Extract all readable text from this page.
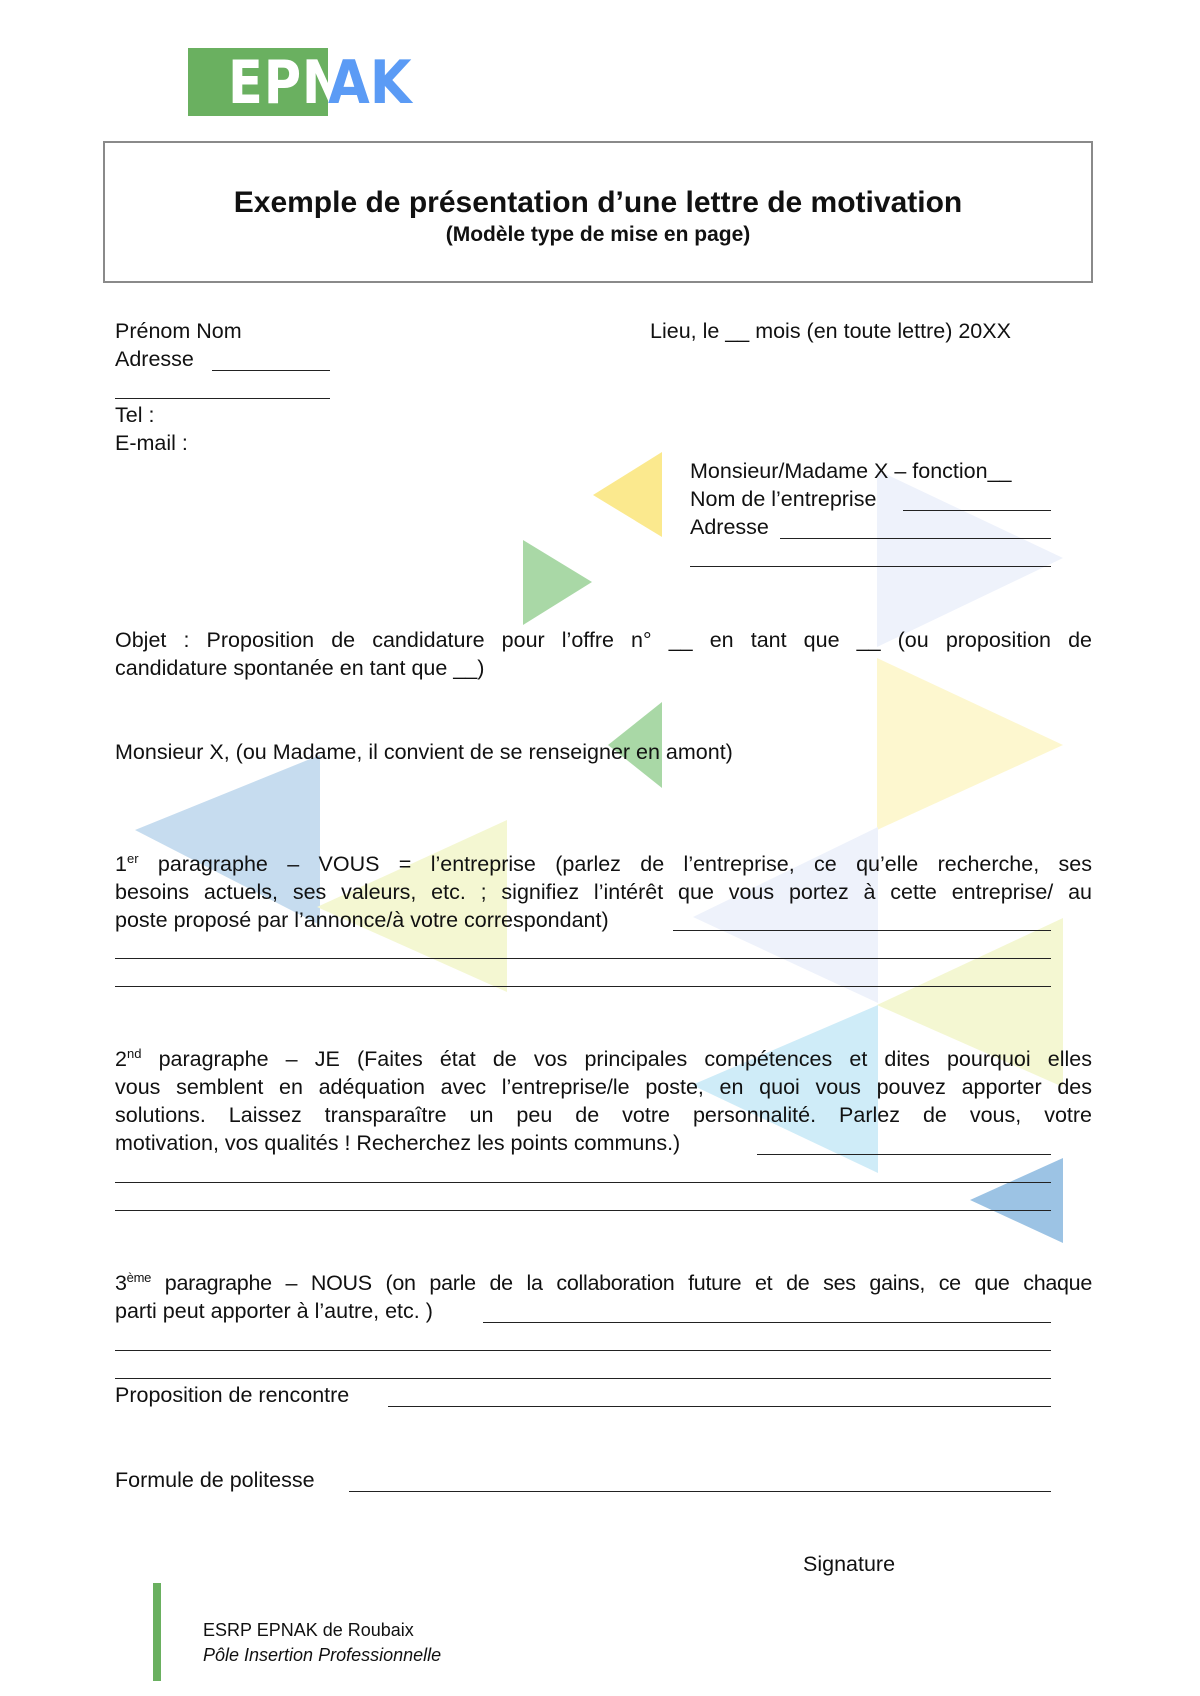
EPN
AK
Exemple de présentation d’une lettre de motivation
(Modèle type de mise en page)
Prénom Nom
Adresse
Tel :
E-mail :
Lieu, le __ mois (en toute lettre) 20XX
Monsieur/Madame X – fonction__
Nom de l’entreprise
Adresse
Objet : Proposition de candidature pour l’offre n° __ en tant que __ (ou proposition de
candidature spontanée en tant que __)
Monsieur X, (ou Madame, il convient de se renseigner en amont)
1er paragraphe – VOUS = l’entreprise (parlez de l’entreprise, ce qu’elle recherche, ses
besoins actuels, ses valeurs, etc. ; signifiez l’intérêt que vous portez à cette entreprise/ au
poste proposé par l’annonce/à votre correspondant)
2nd paragraphe – JE (Faites état de vos principales compétences et dites pourquoi elles
vous semblent en adéquation avec l’entreprise/le poste, en quoi vous pouvez apporter des
solutions. Laissez transparaître un peu de votre personnalité. Parlez de vous, votre
motivation, vos qualités ! Recherchez les points communs.)
3ème paragraphe – NOUS (on parle de la collaboration future et de ses gains, ce que chaque
parti peut apporter à l’autre, etc. )
Proposition de rencontre
Formule de politesse
Signature
ESRP EPNAK de Roubaix
Pôle Insertion Professionnelle
